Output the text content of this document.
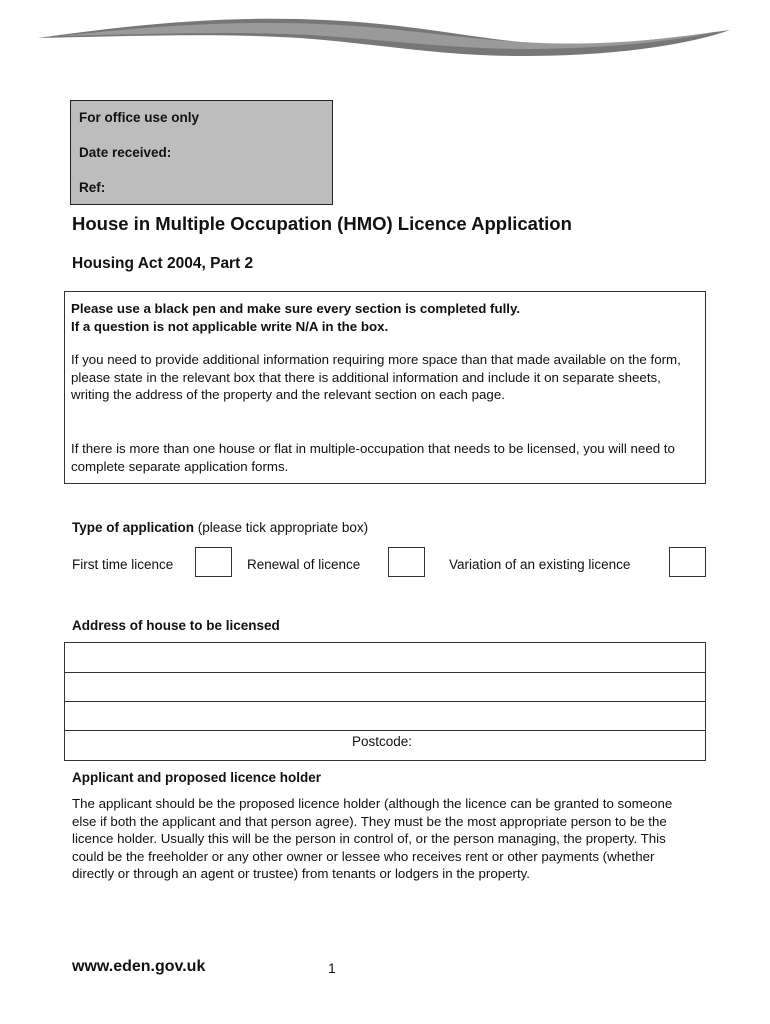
For office use only
Date received:
Ref:
House in Multiple Occupation (HMO) Licence Application
Housing Act 2004, Part 2
Please use a black pen and make sure every section is completed fully.
If a question is not applicable write N/A in the box.
If you need to provide additional information requiring more space than that made available on the form, please state in the relevant box that there is additional information and include it on separate sheets, writing the address of the property and the relevant section on each page.
If there is more than one house or flat in multiple-occupation that needs to be licensed, you will need to complete separate application forms.
Type of application (please tick appropriate box)
First time licence	Renewal of licence	Variation of an existing licence
Address of house to be licensed
Postcode:
Applicant and proposed licence holder
The applicant should be the proposed licence holder (although the licence can be granted to someone else if both the applicant and that person agree). They must be the most appropriate person to be the licence holder. Usually this will be the person in control of, or the person managing, the property. This could be the freeholder or any other owner or lessee who receives rent or other payments (whether directly or through an agent or trustee) from tenants or lodgers in the property.
www.eden.gov.uk	1
